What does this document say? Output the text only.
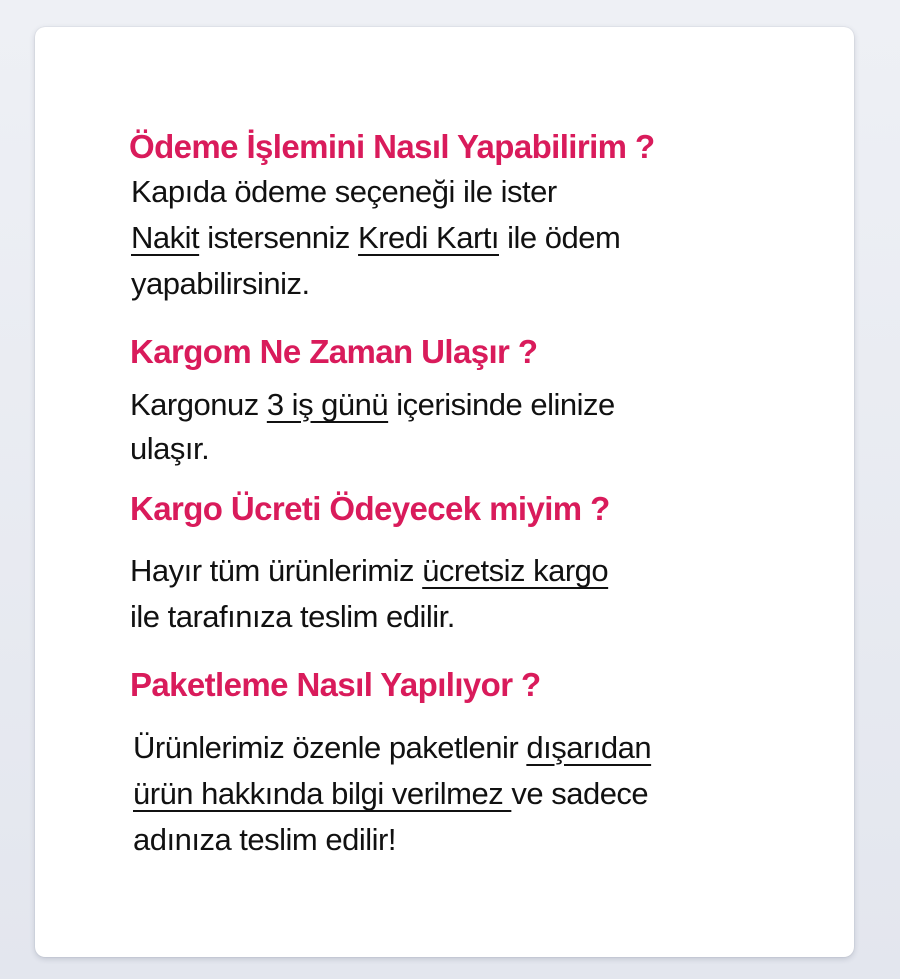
Ödeme İşlemini Nasıl Yapabilirim ?

Kapıda ödeme seçeneği ile ister
Nakit istersenniz Kredi Kartı ile ödem
yapabilirsiniz.

Kargom Ne Zaman Ulaşır ?

Kargonuz 3 iş günü içerisinde elinize
ulaşır.

Kargo Ücreti Ödeyecek miyim ?

Hayır tüm ürünlerimiz ücretsiz kargo
ile tarafınıza teslim edilir.

Paketleme Nasıl Yapılıyor ?

Ürünlerimiz özenle paketlenir dışarıdan
ürün hakkında bilgi verilmez ve sadece
adınıza teslim edilir!
